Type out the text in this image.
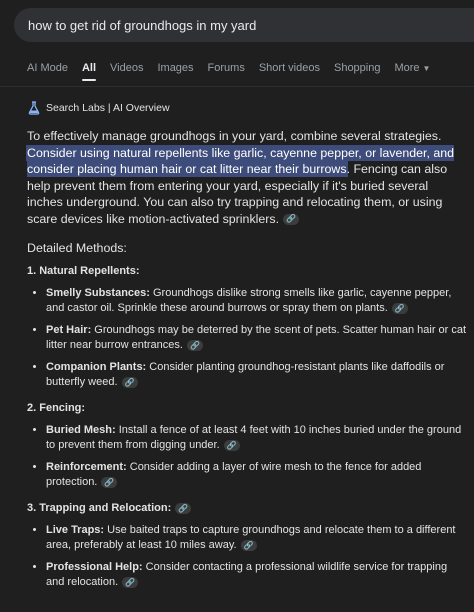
how to get rid of groundhogs in my yard
AI Mode All Videos Images Forums Short videos Shopping More ▼
Search Labs | AI Overview

To effectively manage groundhogs in your yard, combine several strategies. Consider using natural repellents like garlic, cayenne pepper, or lavender, and consider placing human hair or cat litter near their burrows. Fencing can also help prevent them from entering your yard, especially if it's buried several inches underground. You can also try trapping and relocating them, or using scare devices like motion-activated sprinklers. 🔗

Detailed Methods:
1. Natural Repellents:
• Smelly Substances: Groundhogs dislike strong smells like garlic, cayenne pepper, and castor oil. Sprinkle these around burrows or spray them on plants. 🔗
• Pet Hair: Groundhogs may be deterred by the scent of pets. Scatter human hair or cat litter near burrow entrances. 🔗
• Companion Plants: Consider planting groundhog-resistant plants like daffodils or butterfly weed. 🔗
2. Fencing:
• Buried Mesh: Install a fence of at least 4 feet with 10 inches buried under the ground to prevent them from digging under. 🔗
• Reinforcement: Consider adding a layer of wire mesh to the fence for added protection. 🔗
3. Trapping and Relocation: 🔗
• Live Traps: Use baited traps to capture groundhogs and relocate them to a different area, preferably at least 10 miles away. 🔗
• Professional Help: Consider contacting a professional wildlife service for trapping and relocation. 🔗
